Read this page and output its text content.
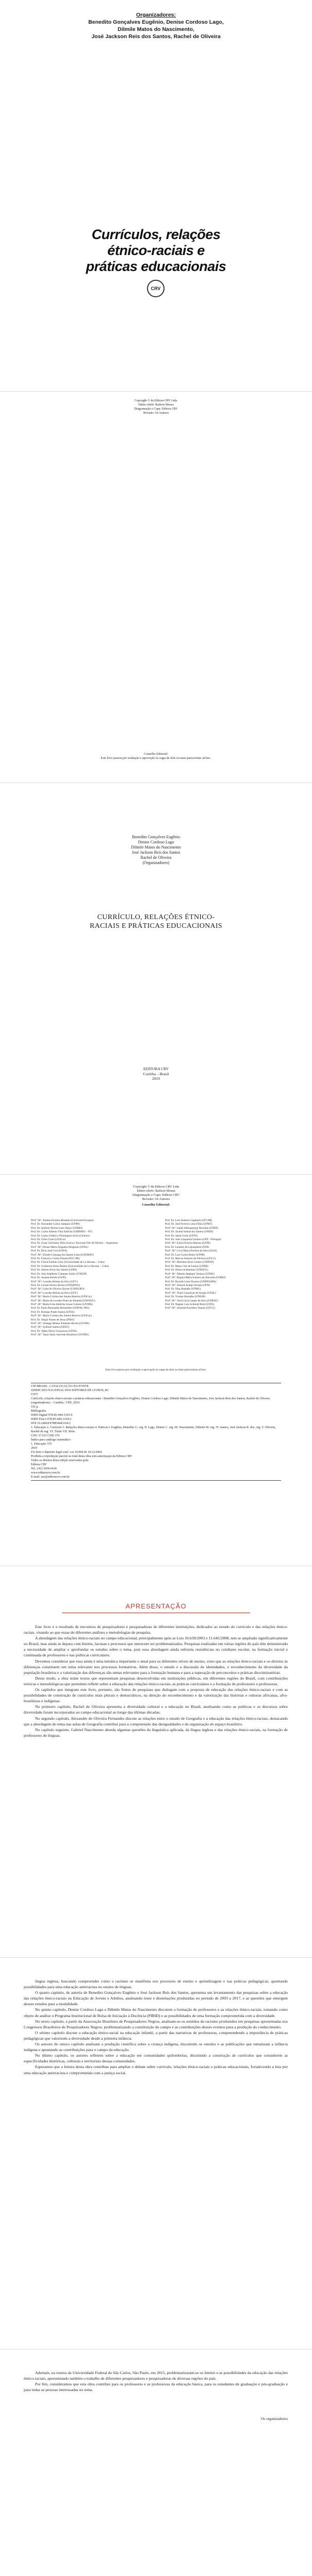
Organizadores:
Benedito Gonçalves Eugênio, Denise Cordoso Lago,
Dilmile Matos do Nascimento,
José Jackson Reis dos Santos, Rachel de Oliveira
Currículos, relações
étnico-raciais e
práticas educacionais
CRV
Copyright © da Editora CRV Ltda.
Editor-chefe: Railson Moura
Diagramação e Capa: Editora CRV
Revisão: Os Autores
Conselho Editorial:
Este livro passou por avaliação e aprovação às cegas de dois ou mais pareceristas ad hoc.
Benedito Gonçalves Eugênio
Denise Cordoso Lago
Dilmile Matos do Nascimento
José Jackson Reis dos Santos
Rachel de Oliveira
(Organizadores)
CURRÍCULO, RELAÇÕES ÉTNICO-
RACIAIS E PRÁTICAS EDUCACIONAIS
EDITORA CRV
Curitiba – Brasil
2019
Copyright © da Editora CRV Ltda
Editor-chefe: Railson Moura
Diagramação e Capa: Editora CRV
Revisão: Os Autores
Conselho Editorial:
Profª. Drª. Andréa Ferreira Miranda (Università Europea)
Prof. Dr. Alexandre Carlos Sampaio (UFPB)
Prof. Dr. Antônio Pereira Gaio Júnior (UFRRJ)
Prof. Dr. Carlos Alberto Vilar Estêvão (UMINHO – PT)
Prof. Dr. Carlos Federico Dominguez Avila (Unieuro)
Prof. Dr. Celso Conti (UFSCar)
Prof. Dr. Cesar Gerônimo Tello (Univer. Nacional Três de Febrero – Argentina)
Profª. Drª. Elione Maria Nogueira Diogenes (UFAL)
Prof. Dr. Élsio José Corá (UFFS)
Profª. Drª. Elizeth Gonzaga dos Santos Lima (UNEMAT)
Prof. Dr. Francisco Carlos Duarte (PUC-PR)
Prof. Dr. Gloria Fariñas León (Universidade de La Havana – Cuba)
Prof. Dr. Guillermo Arias Beatón (Universidade de La Havana – Cuba)
Prof. Dr. Jailson Alves dos Santos (UFRJ)
Prof. Dr. João Adalberto Campato Junior (UNESP)
Prof. Dr. Josania Portela (UFPI)
Profª. Drª. Lourdes Helena da Silva (UFV)
Prof. Dr. Leonel Severo Rocha (UNISINOS)
Profª. Drª. Lídia de Oliveira Xavier (UNIEURO)
Profª. Drª. Lourdes Helena da Silva (UFV)
Profª. Drª. Maria Cristina dos Santos Bezerra (UFSCar)
Profª. Drª. Maria de Lourdes Pinto de Almeida (UNOESC)
Profª. Drª. Maria Lília Imbiriba Sousa Colares (UFOPA)
Prof. Dr. Paulo Romualdo Hernandes (UNIFAL-MG)
Prof. Dr. Rodrigo Pratte-Santos (UFES)
Profª. Drª. Maria Cristina dos Santos Bezerra (UFSCar)
Prof. Dr. Sérgio Nunes de Jesus (IFRO)
Profª. Drª. Solange Helena Ximenes-Rocha (UFOPA)
Profª. Drª. Sydione Santos (UEPG)
Prof. Dr. Tadeu Oliver Gonçalves (UFPA)
Profª. Drª. Tania Suely Azevedo Brasileiro (UFOPA)
Prof. Dr. Luiz Antônio Gagliardi (UFVJM)
Prof. Dr. José Ferreira Lima Filho (UFMT)
Profª. Drª. Isabel Albuquerque Noronha (UFRN)
Prof. Dr. Jacinto Sobral dos Santos (UNEB)
Prof. Dr. Jaime Giolo (UFFS)
Prof. Dr. João Casqueira Cardoso (UFP – Portugal)
Profª. Drª. Karla Ferreira Martins (UFPE)
Prof. Dr. Leandro de Lajonquière (USP)
Profª. Drª. Lívia Maria Ferreira da Silva (UEA)
Prof. Dr. Luiz Carlos Bento (UFPR)
Prof. Dr. Marcos Antonio de Oliveira (UFCG)
Profª. Drª. Marilene Alves Lemes (UNIFAP)
Prof. Dr. Mauro Vaz de Lemos (UFRB)
Prof. Dr. Nilson Schmeisser (UNISUL)
Profª. Drª. Pâmela Stephani Ventura (UFMG)
Profª. Drª. Regina Maria Fonseca de Azevedo (UFRRJ)
Prof. Dr. Ricardo Lima Tavares (UNIFESSPA)
Profª. Drª. Simone Araújo Arruda (UFPI)
Prof. Dr. Silas Brandão (UFMG)
Profª. Drª. Thaís Gonçalves de Araújo (UFAL)
Prof. Dr. Vicente Bruzalho (UNESP)
Profª. Drª. Vera Lúcia Gaspar da Silva (UDESC)
Prof. Dr. Wagner Luiz Schmidt Roth (UFFS)
Profª. Drª. Zenaide Pozzebon Taques (UFCG)
Este livro passou por avaliação e aprovação às cegas de dois ou mais pareceristas ad hoc.
CIP-BRASIL. CATALOGAÇÃO-NA-FONTE
SINDICATO NACIONAL DOS EDITORES DE LIVROS, RJ
C975
Currículo, relações étnico-raciais e práticas educacionais / Benedito Gonçalves Eugênio, Denise Cordoso Lago, Dilmile Matos do Nascimento, José Jackson Reis dos Santos, Rachel de Oliveira (organizadores) – Curitiba : CRV, 2019.
192 p.
Bibliografia
ISBN Digital 978-85-444-3165-9
ISBN Físico 978-85-444-3164-2
DOI 10.24824/978854443164.2
1. Educação 2. Currículo 3. Relações étnico-raciais 4. Práticas I. Eugênio, Benedito G. org. II. Lago, Denise C. org. III. Nascimento, Dilmile M. org. IV. Santos, José Jackson R. dos. org. V. Oliveira, Rachel de org. VI. Título VII. Série.
CDU 37.015 CDD 370
Índice para catálogo sistemático
1. Educação 370
2019
Foi feito o depósito legal conf. Lei 10.994 de 14/12/2004
Proibida a reprodução parcial ou total desta obra sem autorização da Editora CRV
Todos os direitos desta edição reservados pela:
Editora CRV
Tel.: (41) 3039-6418
www.editoracrv.com.br
E-mail: sac@editoracrv.com.br
APRESENTAÇÃO

Este livro é o resultado de encontros de pesquisadores e pesquisadoras de diferentes instituições, dedicados ao estudo do currículo e das relações étnico-raciais, visando ao que essas de diferentes análises e metodologias de pesquisa.

A abordagem das relações étnico-raciais no campo educacional, principalmente após as Leis 10.639/2003 e 11.645/2008, tem se ampliado significativamente no Brasil, mas ainda se depara com limites, lacunas e processos que merecem ser problematizados. Pesquisas realizadas em várias regiões do país têm demonstrado a necessidade de ampliar e aprofundar os estudos sobre o tema, pois essa abordagem ainda enfrenta resistências no cotidiano escolar, na formação inicial e continuada de professores e nas políticas curriculares.

Devemos considerar que essa ainda é uma temática importante e atual para os diferentes níveis de ensino, visto que as relações étnico-raciais e os direitos às diferenças constituem um tema relevante nos processos formativos. Além disso, o estudo e a discussão de identidades, o reconhecimento da diversidade da população brasileira e a valorização das diferenças são temas relevantes para a formação humana e para a superação de preconceitos e práticas discriminatórias.

Desse modo, a obra reúne textos que representam pesquisas desenvolvidas em instituições públicas, em diferentes regiões do Brasil, com contribuições teóricas e metodológicas que permitem refletir sobre a educação das relações étnico-raciais, as práticas curriculares e a formação de professores e professoras.

Os capítulos que integram este livro, portanto, são frutos de pesquisas que dialogam com a proposta de educação das relações étnico-raciais e com as possibilidades de construção de currículos mais plurais e democráticos, na direção do reconhecimento e da valorização das histórias e culturas africanas, afro-brasileiras e indígenas.

No primeiro capítulo, Rachel de Oliveira apresenta a diversidade cultural e a educação no Brasil, analisando como as políticas e os discursos sobre diversidade foram incorporados ao campo educacional ao longo das últimas décadas.

No segundo capítulo, Alexandre de Oliveira Fernandes discute as relações entre o estudo de Geografia e a educação das relações étnico-raciais, destacando que a abordagem do tema nas aulas de Geografia contribui para a compreensão das desigualdades e da organização do espaço brasileiro.

No capítulo seguinte, Gabriel Nascimento aborda algumas questões da linguística aplicada, da língua inglesa e das relações étnico-raciais, na formação de professores de línguas.

língua inglesa, buscando compreender como o racismo se manifesta nos processos de ensino e aprendizagem e nas práticas pedagógicas, apontando possibilidades para uma educação antirracista no ensino de línguas.

O quarto capítulo, de autoria de Benedito Gonçalves Eugênio e José Jackson Reis dos Santos, apresenta um levantamento das pesquisas sobre a educação das relações étnico-raciais na Educação de Jovens e Adultos, analisando teses e dissertações produzidas no período de 2003 a 2017, e as questões que emergem desses estudos para a modalidade.

No quinto capítulo, Denise Cordoso Lago e Dilmile Matos do Nascimento discutem a formação de professores e as relações étnico-raciais, tomando como objeto de análise o Programa Institucional de Bolsa de Iniciação à Docência (PIBID) e as possibilidades de uma formação comprometida com a diversidade.

No sexto capítulo, a partir da Associação Brasileira de Pesquisadores Negros, analisam-se os sentidos de racismo produzidos em pesquisas apresentadas nos Congressos Brasileiros de Pesquisadores Negros, problematizando a constituição do campo e as contribuições desses eventos para a produção do conhecimento.

O sétimo capítulo discute a educação étnico-racial na educação infantil, a partir das narrativas de professoras, compreendendo a importância de práticas pedagógicas que valorizem a diversidade desde a primeira infância.

Os autores do oitavo capítulo analisam a produção científica sobre a criança indígena, discutindo os estudos e as publicações que tematizam a infância indígena e apontando as contribuições para o campo da educação.

No último capítulo, os autores refletem sobre a educação em comunidades quilombolas, discutindo a construção de currículos que considerem as especificidades históricas, culturais e territoriais dessas comunidades.

Esperamos que a leitura desta obra contribua para ampliar o debate sobre currículo, relações étnico-raciais e práticas educacionais, fortalecendo a luta por uma educação antirracista e comprometida com a justiça social.

Ademais, na esteira da Universidade Federal de São Carlos, São Paulo, em 2015, problematizaram-se os limites e as possibilidades da educação das relações étnico-raciais, apresentando também o trabalho de diferentes pesquisadores e pesquisadoras de diversas regiões do país.

Por fim, consideramos que esta obra contribui para os professores e as professoras da educação básica, para os estudantes de graduação e pós-graduação e para todas as pessoas interessadas no tema.

Os organizadores
